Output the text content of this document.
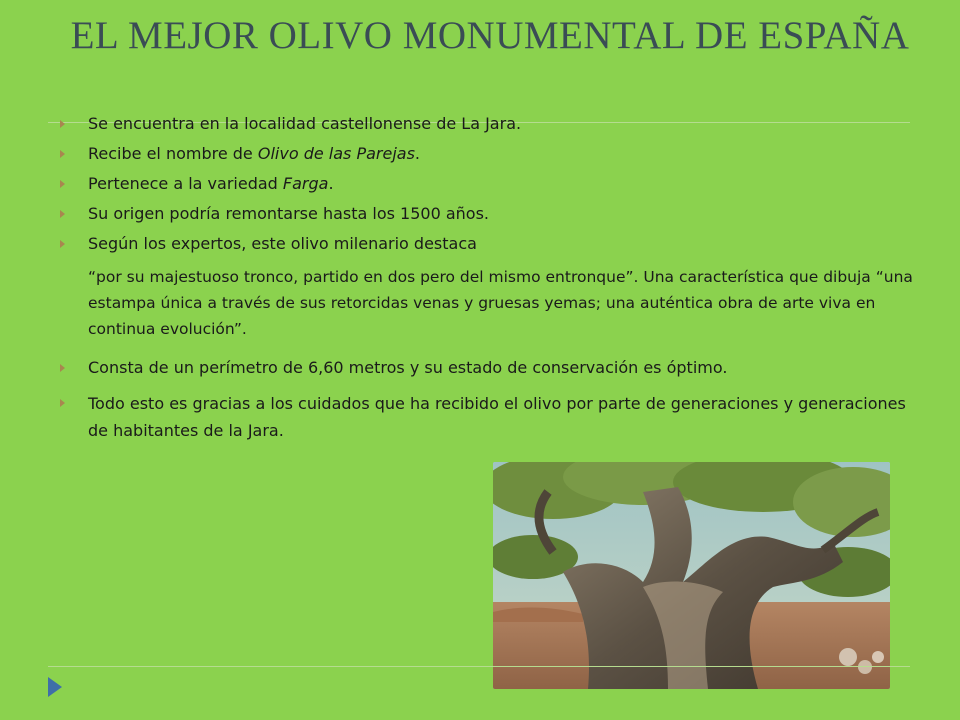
EL MEJOR OLIVO MONUMENTAL DE ESPAÑA
Se encuentra en la localidad castellonense de La Jara.
Recibe el nombre de Olivo de las Parejas.
Pertenece a la variedad Farga.
Su origen podría remontarse hasta los 1500 años.
Según los expertos, este olivo milenario destaca
“por su majestuoso tronco, partido en dos pero del mismo entronque”. Una característica que dibuja “una estampa única a través de sus retorcidas venas y gruesas yemas; una auténtica obra de arte viva en continua evolución”.
Consta de un perímetro de 6,60 metros y su estado de conservación es óptimo.
Todo esto es gracias a los cuidados que ha recibido el olivo por parte de generaciones y generaciones de habitantes de la Jara.
